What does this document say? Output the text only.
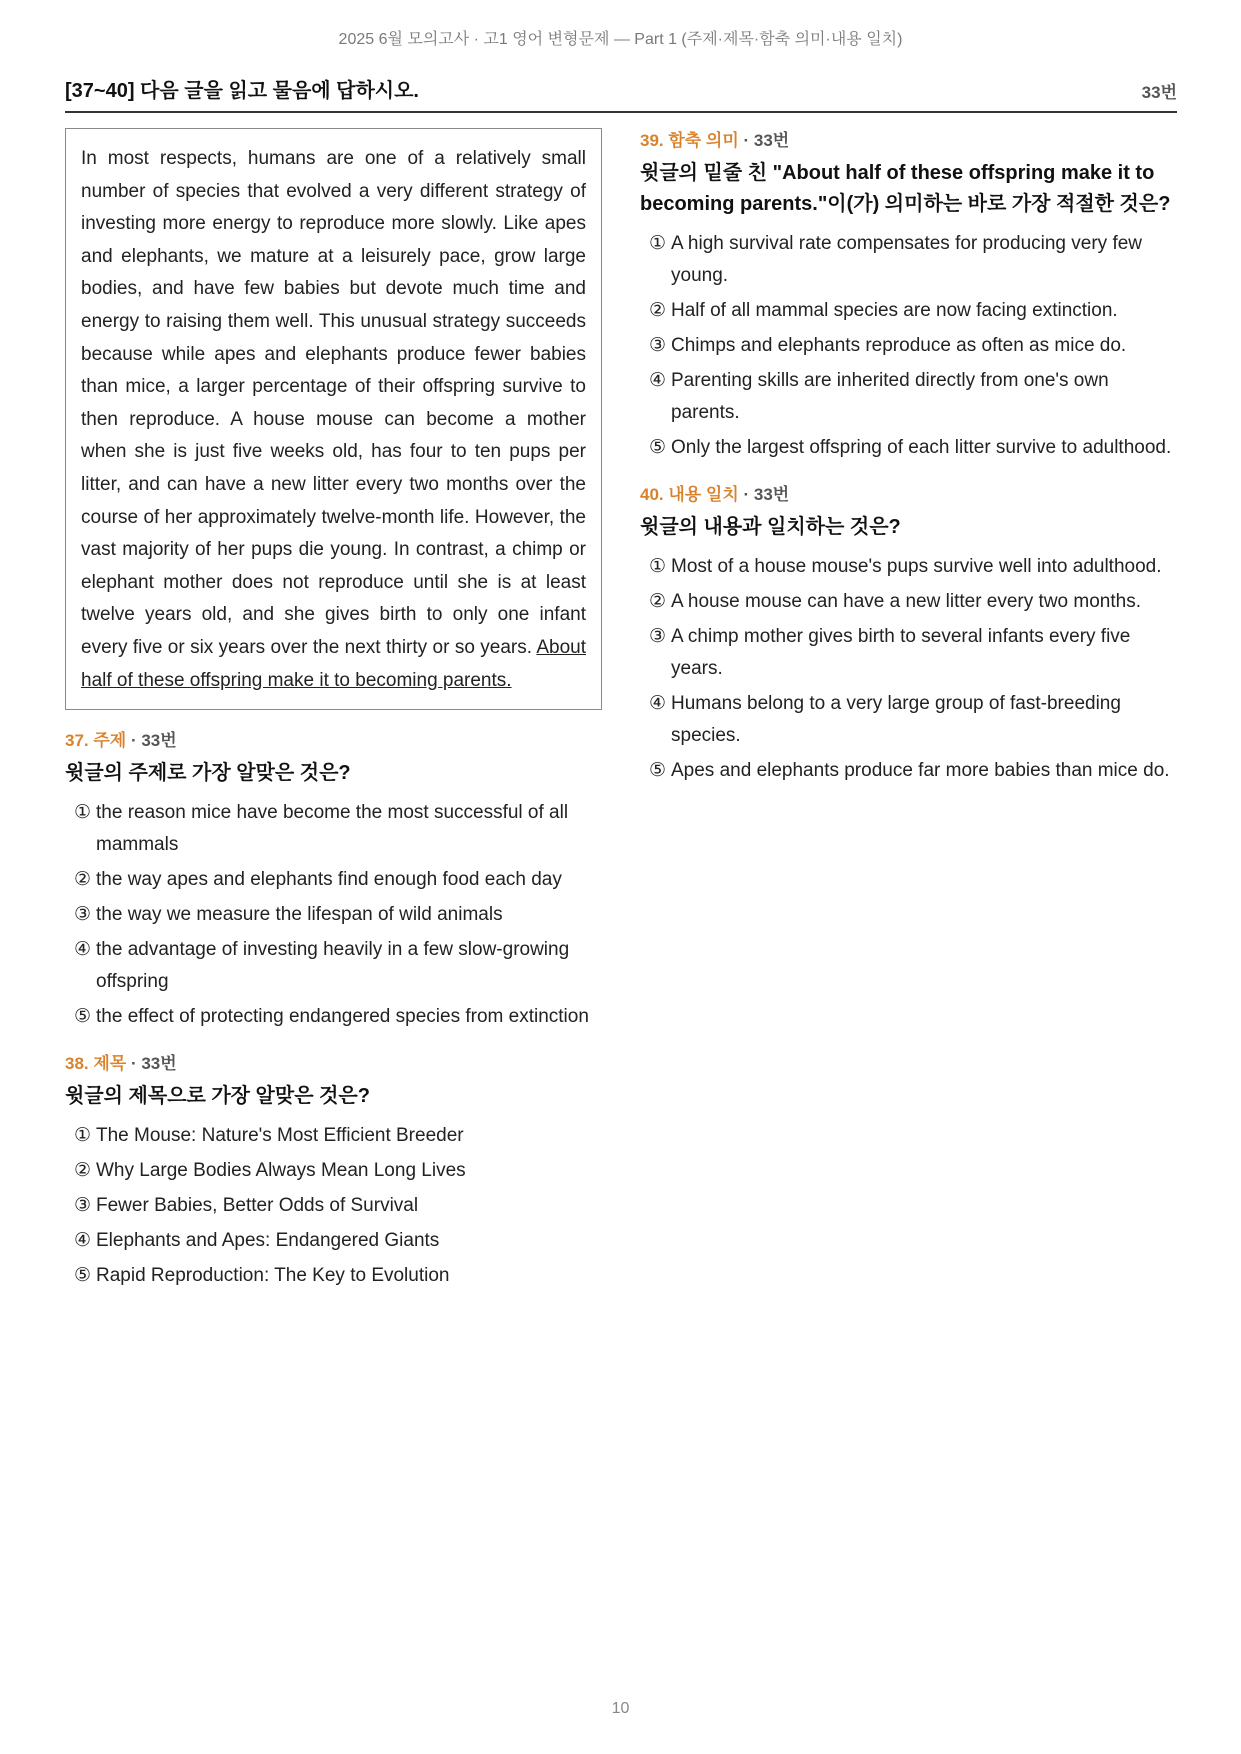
2025 6월 모의고사 · 고1 영어 변형문제 — Part 1 (주제·제목·함축 의미·내용 일치)
[37~40] 다음 글을 읽고 물음에 답하시오.	33번
In most respects, humans are one of a relatively small number of species that evolved a very different strategy of investing more energy to reproduce more slowly. Like apes and elephants, we mature at a leisurely pace, grow large bodies, and have few babies but devote much time and energy to raising them well. This unusual strategy succeeds because while apes and elephants produce fewer babies than mice, a larger percentage of their offspring survive to then reproduce. A house mouse can become a mother when she is just five weeks old, has four to ten pups per litter, and can have a new litter every two months over the course of her approximately twelve-month life. However, the vast majority of her pups die young. In contrast, a chimp or elephant mother does not reproduce until she is at least twelve years old, and she gives birth to only one infant every five or six years over the next thirty or so years. About half of these offspring make it to becoming parents.
37. 주제 · 33번
윗글의 주제로 가장 알맞은 것은?
① the reason mice have become the most successful of all mammals
② the way apes and elephants find enough food each day
③ the way we measure the lifespan of wild animals
④ the advantage of investing heavily in a few slow-growing offspring
⑤ the effect of protecting endangered species from extinction
38. 제목 · 33번
윗글의 제목으로 가장 알맞은 것은?
① The Mouse: Nature's Most Efficient Breeder
② Why Large Bodies Always Mean Long Lives
③ Fewer Babies, Better Odds of Survival
④ Elephants and Apes: Endangered Giants
⑤ Rapid Reproduction: The Key to Evolution
39. 함축 의미 · 33번
윗글의 밑줄 친 "About half of these offspring make it to becoming parents."이(가) 의미하는 바로 가장 적절한 것은?
① A high survival rate compensates for producing very few young.
② Half of all mammal species are now facing extinction.
③ Chimps and elephants reproduce as often as mice do.
④ Parenting skills are inherited directly from one's own parents.
⑤ Only the largest offspring of each litter survive to adulthood.
40. 내용 일치 · 33번
윗글의 내용과 일치하는 것은?
① Most of a house mouse's pups survive well into adulthood.
② A house mouse can have a new litter every two months.
③ A chimp mother gives birth to several infants every five years.
④ Humans belong to a very large group of fast-breeding species.
⑤ Apes and elephants produce far more babies than mice do.
10
